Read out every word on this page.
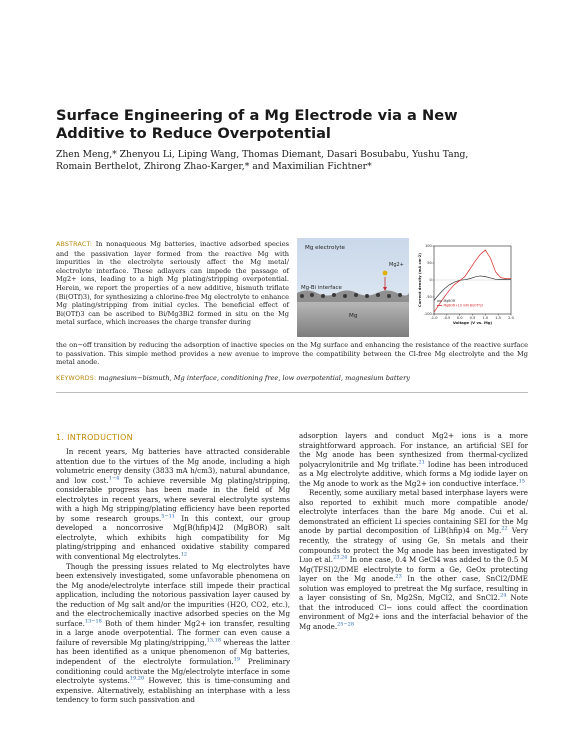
Surface Engineering of a Mg Electrode via a New Additive to Reduce Overpotential
Zhen Meng,* Zhenyou Li, Liping Wang, Thomas Diemant, Dasari Bosubabu, Yushu Tang,
Romain Berthelot, Zhirong Zhao-Karger,* and Maximilian Fichtner*
ABSTRACT: In nonaqueous Mg batteries, inactive adsorbed species and the passivation layer formed from the reactive Mg with impurities in the electrolyte seriously affect the Mg metal/ electrolyte interface. These adlayers can impede the passage of Mg2+ ions, leading to a high Mg plating/stripping overpotential. Herein, we report the properties of a new additive, bismuth triflate (Bi(OTf)3), for synthesizing a chlorine-free Mg electrolyte to enhance Mg plating/stripping from initial cycles. The beneficial effect of Bi(OTf)3 can be ascribed to Bi/Mg3Bi2 formed in situ on the Mg metal surface, which increases the charge transfer during
Mg electrolyte
Mg2+
Mg-Bi interface
Mg	-1.0 -0.5 0.0 0.5 1.0 1.5 2.0
100
50
0
-50
-100
Voltage (V vs. Mg)
Current density (mA cm-2)	MgBOR
MgBOR+10 mM Bi(OTf)3
the on−off transition by reducing the adsorption of inactive species on the Mg surface and enhancing the resistance of the reactive surface to passivation. This simple method provides a new avenue to improve the compatibility between the Cl-free Mg electrolyte and the Mg metal anode.
KEYWORDS: magnesium−bismuth, Mg interface, conditioning free, low overpotential, magnesium battery
1. INTRODUCTION

In recent years, Mg batteries have attracted considerable attention due to the virtues of the Mg anode, including a high volumetric energy density (3833 mA h/cm3), natural abundance, and low cost.$^{1-4}$ To achieve reversible Mg plating/stripping, considerable progress has been made in the field of Mg electrolytes in recent years, where several electrolyte systems with a high Mg stripping/plating efficiency have been reported by some research groups.$^{5-11}$ In this context, our group developed a noncorrosive Mg[B(hfip)4]2 (MgBOR) salt electrolyte, which exhibits high compatibility for Mg plating/stripping and enhanced oxidative stability compared with conventional Mg electrolytes.$^{12}$

Though the pressing issues related to Mg electrolytes have been extensively investigated, some unfavorable phenomena on the Mg anode/electrolyte interface still impede their practical application, including the notorious passivation layer caused by the reduction of Mg salt and/or the impurities (H2O, CO2, etc.), and the electrochemically inactive adsorbed species on the Mg surface.$^{13-18}$ Both of them hinder Mg2+ ion transfer, resulting in a large anode overpotential. The former can even cause a failure of reversible Mg plating/stripping,$^{13,18}$ whereas the latter has been identified as a unique phenomenon of Mg batteries, independent of the electrolyte formulation.$^{19}$ Preliminary conditioning could activate the Mg/electrolyte interface in some electrolyte systems.$^{19,20}$ However, this is time-consuming and expensive. Alternatively, establishing an interphase with a less tendency to form such passivation and

adsorption layers and conduct Mg2+ ions is a more straightforward approach. For instance, an artificial SEI for the Mg anode has been synthesized from thermal-cyclized polyacrylonitrile and Mg triflate.$^{21}$ Iodine has been introduced as a Mg electrolyte additive, which forms a Mg iodide layer on the Mg anode to work as the Mg2+ ion conductive interface.$^{15}$

Recently, some auxiliary metal based interphase layers were also reported to exhibit much more compatible anode/ electrolyte interfaces than the bare Mg anode. Cui et al. demonstrated an efficient Li species containing SEI for the Mg anode by partial decomposition of LiB(hfip)4 on Mg.$^{22}$ Very recently, the strategy of using Ge, Sn metals and their compounds to protect the Mg anode has been investigated by Luo et al.$^{23,24}$ In one case, 0.4 M GeCl4 was added to the 0.5 M Mg(TFSI)2/DME electrolyte to form a Ge, GeOx protecting layer on the Mg anode.$^{23}$ In the other case, SnCl2/DME solution was employed to pretreat the Mg surface, resulting in a layer consisting of Sn, Mg2Sn, MgCl2, and SnCl2.24 Note that the introduced Cl− ions could affect the coordination environment of Mg2+ ions and the interfacial behavior of the Mg anode.$^{25-28}$
